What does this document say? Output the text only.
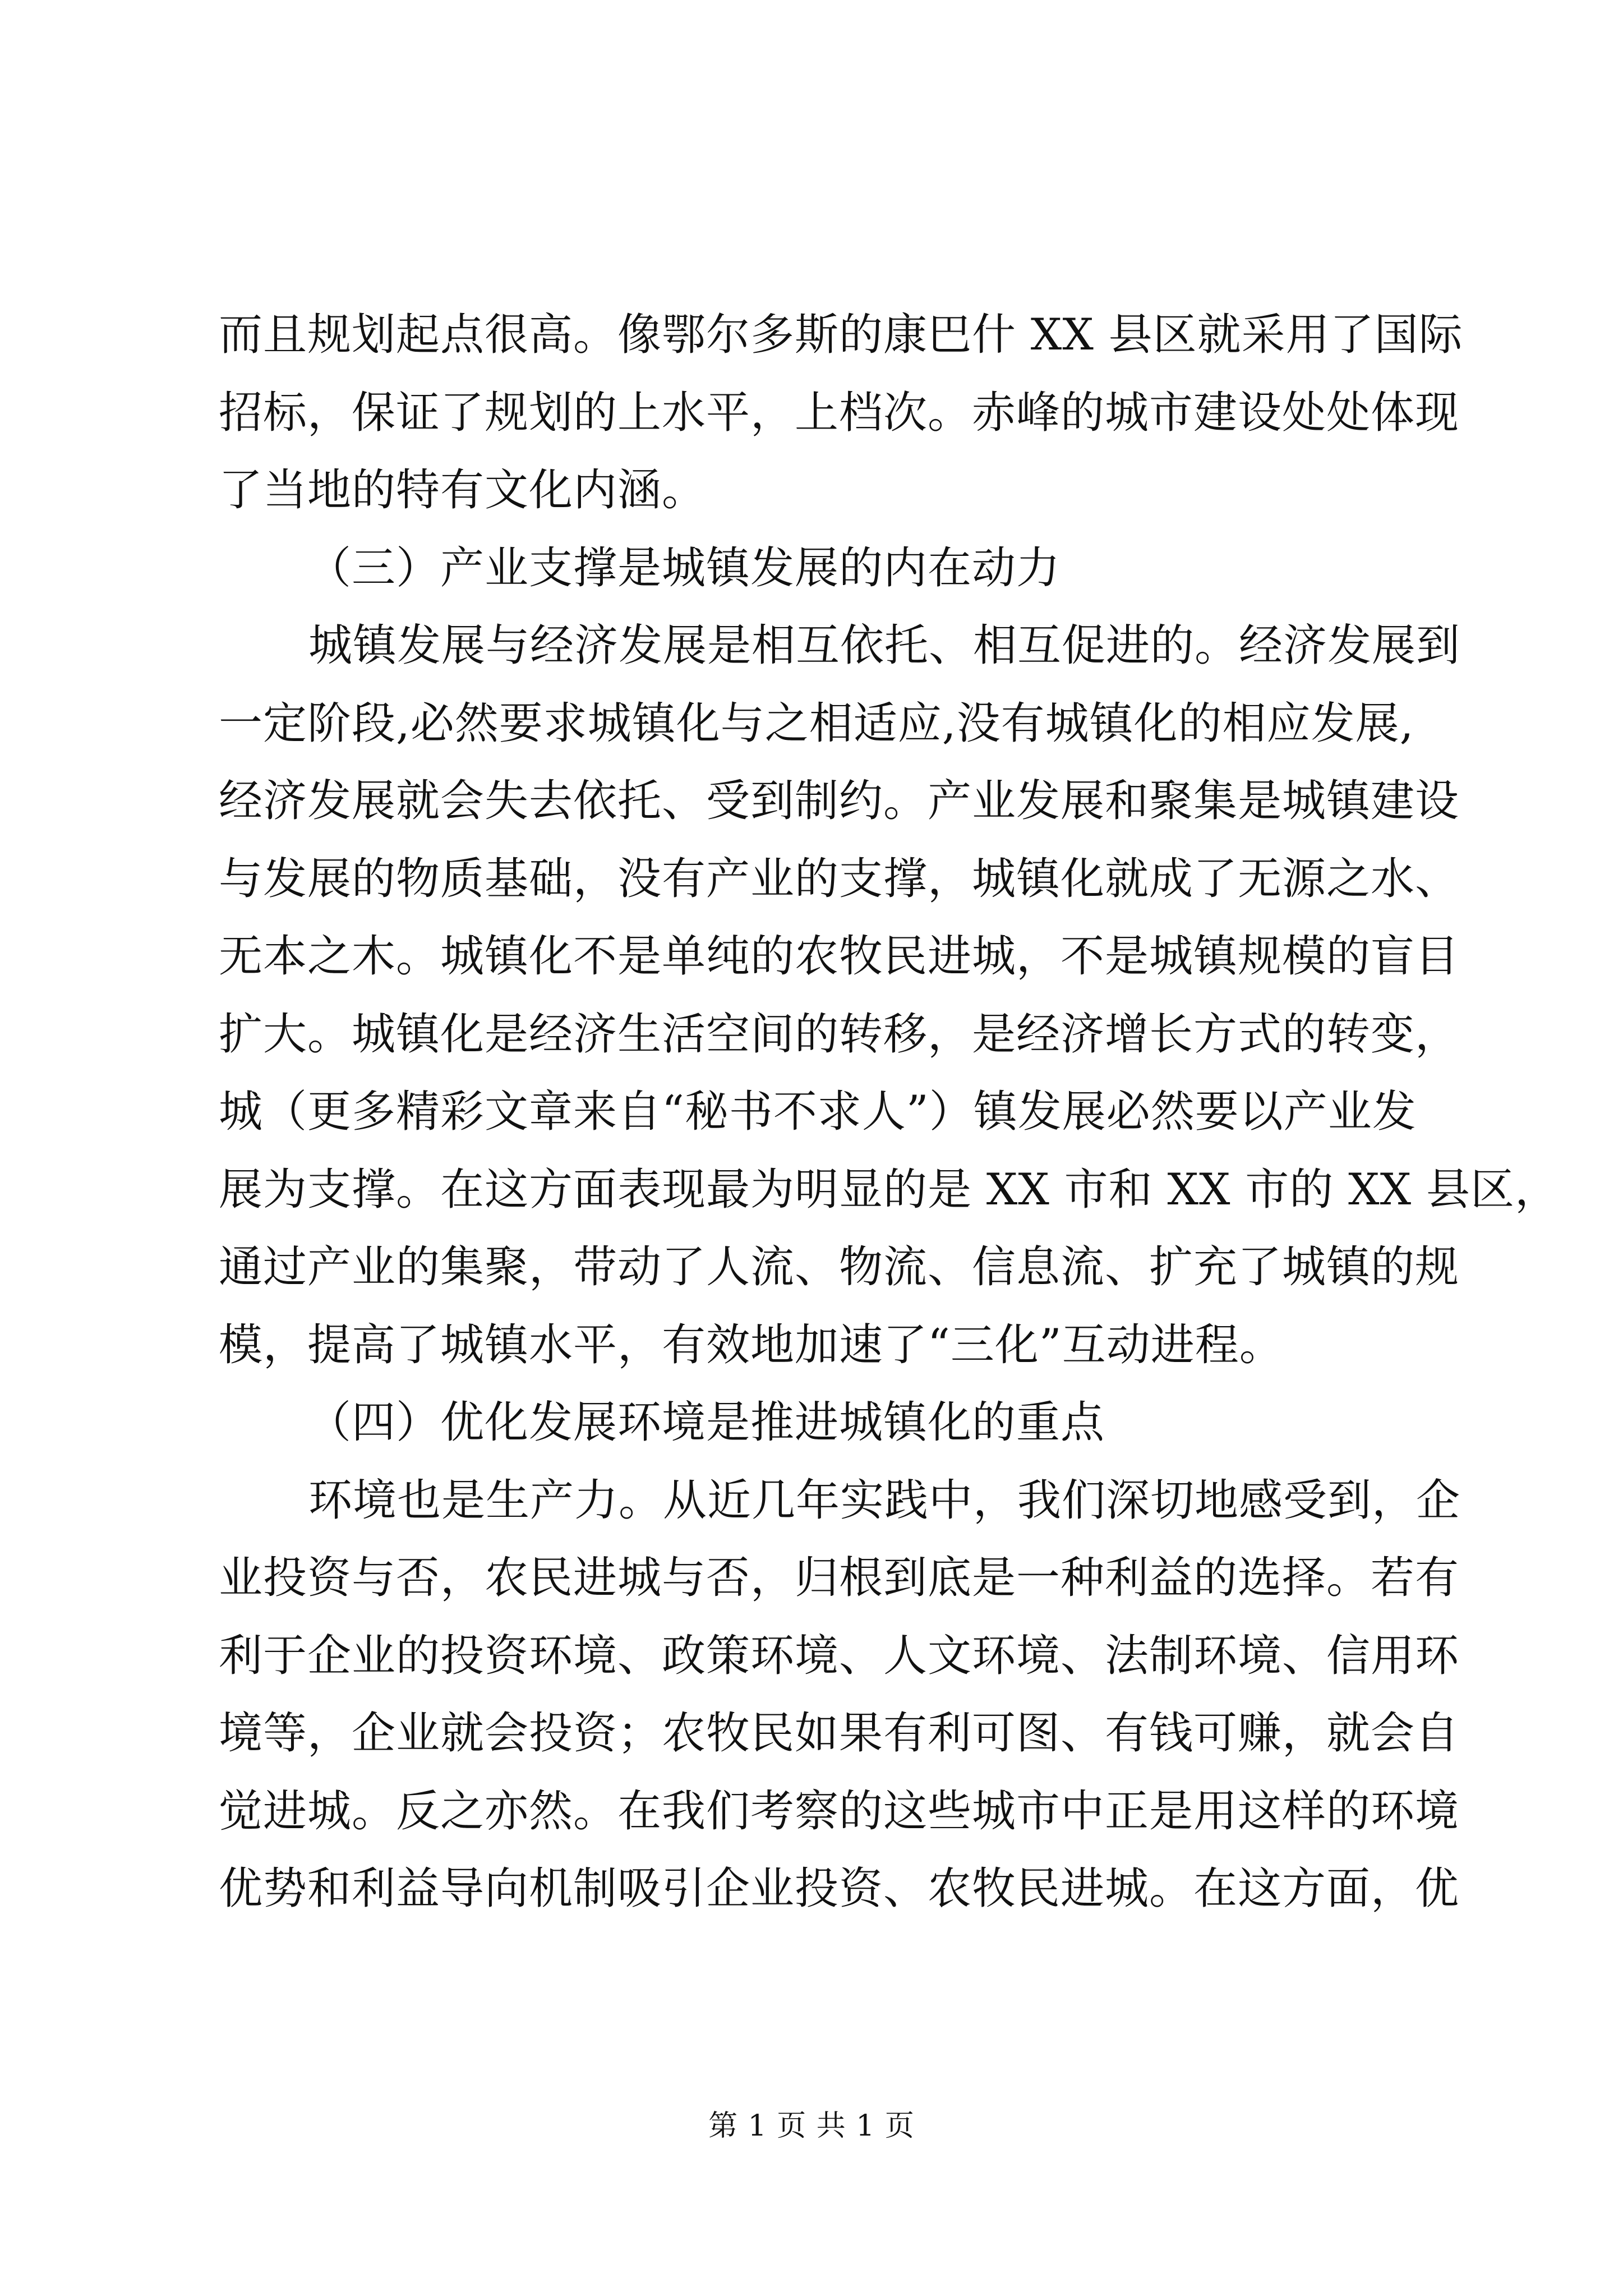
而且规划起点很高。像鄂尔多斯的康巴什 XX 县区就采用了国际
招标，保证了规划的上水平，上档次。赤峰的城市建设处处体现
了当地的特有文化内涵。
（三）产业支撑是城镇发展的内在动力
城镇发展与经济发展是相互依托、相互促进的。经济发展到
一定阶段,必然要求城镇化与之相适应,没有城镇化的相应发展,
经济发展就会失去依托、受到制约。产业发展和聚集是城镇建设
与发展的物质基础，没有产业的支撑，城镇化就成了无源之水、
无本之木。城镇化不是单纯的农牧民进城，不是城镇规模的盲目
扩大。城镇化是经济生活空间的转移，是经济增长方式的转变，
城（更多精彩文章来自“秘书不求人”）镇发展必然要以产业发
展为支撑。在这方面表现最为明显的是 XX 市和 XX 市的 XX 县区，
通过产业的集聚，带动了人流、物流、信息流、扩充了城镇的规
模，提高了城镇水平，有效地加速了“三化”互动进程。
（四）优化发展环境是推进城镇化的重点
环境也是生产力。从近几年实践中，我们深切地感受到，企
业投资与否，农民进城与否，归根到底是一种利益的选择。若有
利于企业的投资环境、政策环境、人文环境、法制环境、信用环
境等，企业就会投资；农牧民如果有利可图、有钱可赚，就会自
觉进城。反之亦然。在我们考察的这些城市中正是用这样的环境
优势和利益导向机制吸引企业投资、农牧民进城。在这方面，优
第 1 页 共 1 页
